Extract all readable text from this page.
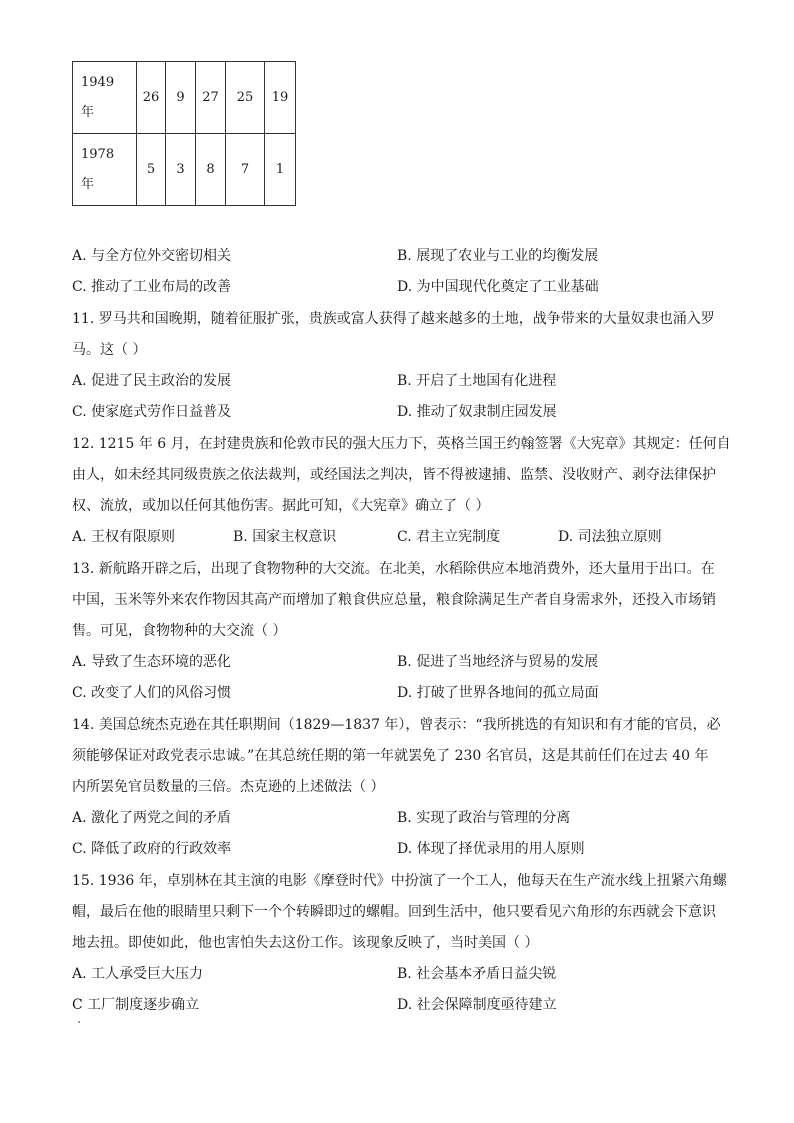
1949
年	26	9	27	25	19
1978
年	5	3	8	7	1
A. 与全方位外交密切相关	B. 展现了农业与工业的均衡发展
C. 推动了工业布局的改善	D. 为中国现代化奠定了工业基础
11. 罗马共和国晚期，随着征服扩张，贵族或富人获得了越来越多的土地，战争带来的大量奴隶也涌入罗
马。这（ ）
A. 促进了民主政治的发展	B. 开启了土地国有化进程
C. 使家庭式劳作日益普及	D. 推动了奴隶制庄园发展
12. 1215 年 6 月，在封建贵族和伦敦市民的强大压力下，英格兰国王约翰签署《大宪章》其规定：任何自
由人，如未经其同级贵族之依法裁判，或经国法之判决，皆不得被逮捕、监禁、没收财产、剥夺法律保护
权、流放，或加以任何其他伤害。据此可知，《大宪章》确立了（ ）
A. 王权有限原则	B. 国家主权意识	C. 君主立宪制度	D. 司法独立原则
13. 新航路开辟之后，出现了食物物种的大交流。在北美，水稻除供应本地消费外，还大量用于出口。在
中国，玉米等外来农作物因其高产而增加了粮食供应总量，粮食除满足生产者自身需求外，还投入市场销
售。可见，食物物种的大交流（ ）
A. 导致了生态环境的恶化	B. 促进了当地经济与贸易的发展
C. 改变了人们的风俗习惯	D. 打破了世界各地间的孤立局面
14. 美国总统杰克逊在其任职期间（1829—1837 年），曾表示：“我所挑选的有知识和有才能的官员，必
须能够保证对政党表示忠诚。”在其总统任期的第一年就罢免了 230 名官员，这是其前任们在过去 40 年
内所罢免官员数量的三倍。杰克逊的上述做法（ ）
A. 激化了两党之间的矛盾	B. 实现了政治与管理的分离
C. 降低了政府的行政效率	D. 体现了择优录用的用人原则
15. 1936 年，卓别林在其主演的电影《摩登时代》中扮演了一个工人，他每天在生产流水线上扭紧六角螺
帽，最后在他的眼睛里只剩下一个个转瞬即过的螺帽。回到生活中，他只要看见六角形的东西就会下意识
地去扭。即使如此，他也害怕失去这份工作。该现象反映了，当时美国（ ）
A. 工人承受巨大压力	B. 社会基本矛盾日益尖锐
C 工厂制度逐步确立	D. 社会保障制度亟待建立
